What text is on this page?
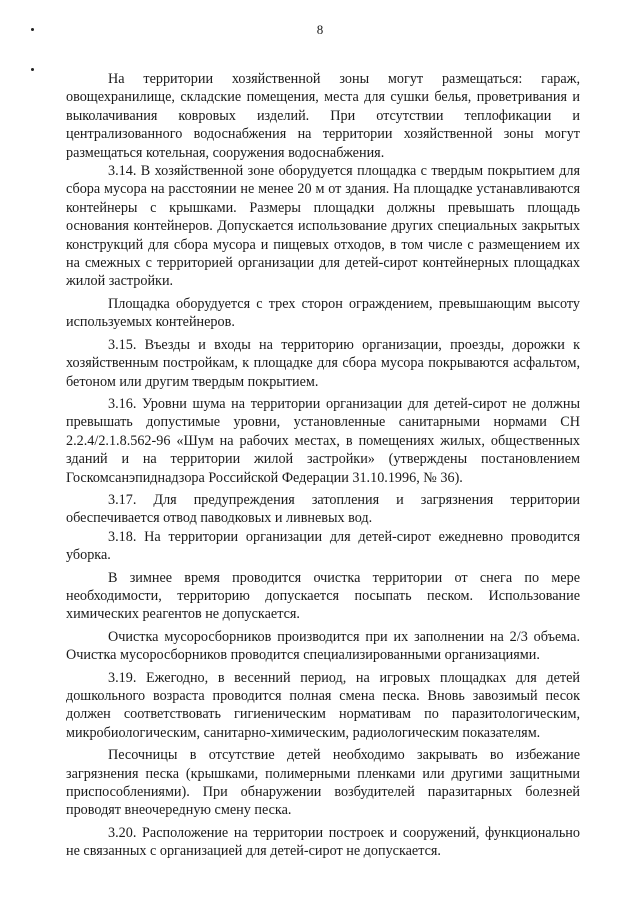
8

На территории хозяйственной зоны могут размещаться: гараж, овощехранилище, складские помещения, места для сушки белья, проветривания и выколачивания ковровых изделий. При отсутствии теплофикации и централизованного водоснабжения на территории хозяйственной зоны могут размещаться котельная, сооружения водоснабжения.

3.14. В хозяйственной зоне оборудуется площадка с твердым покрытием для сбора мусора на расстоянии не менее 20 м от здания. На площадке устанавливаются контейнеры с крышками. Размеры площадки должны превышать площадь основания контейнеров. Допускается использование других специальных закрытых конструкций для сбора мусора и пищевых отходов, в том числе с размещением их на смежных с территорией организации для детей-сирот контейнерных площадках жилой застройки.

Площадка оборудуется с трех сторон ограждением, превышающим высоту используемых контейнеров.

3.15. Въезды и входы на территорию организации, проезды, дорожки к хозяйственным постройкам, к площадке для сбора мусора покрываются асфальтом, бетоном или другим твердым покрытием.

3.16. Уровни шума на территории организации для детей-сирот не должны превышать допустимые уровни, установленные санитарными нормами СН 2.2.4/2.1.8.562-96 «Шум на рабочих местах, в помещениях жилых, общественных зданий и на территории жилой застройки» (утверждены постановлением Госкомсанэпиднадзора Российской Федерации 31.10.1996, № 36).

3.17. Для предупреждения затопления и загрязнения территории обеспечивается отвод паводковых и ливневых вод.

3.18. На территории организации для детей-сирот ежедневно проводится уборка.

В зимнее время проводится очистка территории от снега по мере необходимости, территорию допускается посыпать песком. Использование химических реагентов не допускается.

Очистка мусоросборников производится при их заполнении на 2/3 объема. Очистка мусоросборников проводится специализированными организациями.

3.19. Ежегодно, в весенний период, на игровых площадках для детей дошкольного возраста проводится полная смена песка. Вновь завозимый песок должен соответствовать гигиеническим нормативам по паразитологическим, микробиологическим, санитарно-химическим, радиологическим показателям.

Песочницы в отсутствие детей необходимо закрывать во избежание загрязнения песка (крышками, полимерными пленками или другими защитными приспособлениями). При обнаружении возбудителей паразитарных болезней проводят внеочередную смену песка.

3.20. Расположение на территории построек и сооружений, функционально не связанных с организацией для детей-сирот не допускается.
